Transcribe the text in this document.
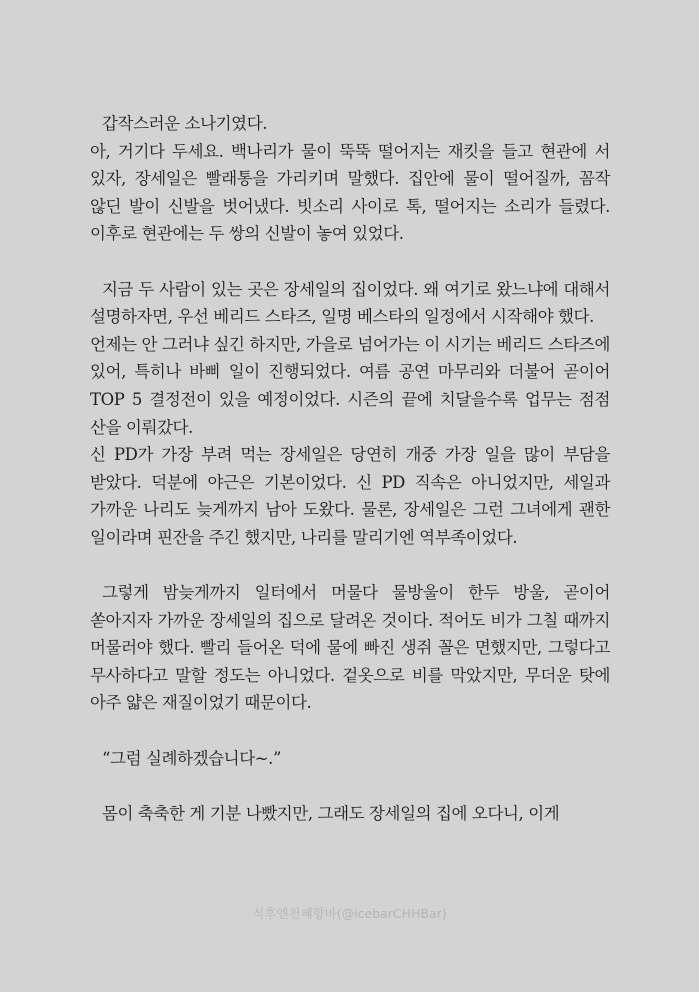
갑작스러운 소나기였다.

아, 거기다 두세요. 백나리가 물이 뚝뚝 떨어지는 재킷을 들고 현관에 서 있자, 장세일은 빨래통을 가리키며 말했다. 집안에 물이 떨어질까, 꼼작 않딘 발이 신발을 벗어냈다. 빗소리 사이로 톡, 떨어지는 소리가 들렸다. 이후로 현관에는 두 쌍의 신발이 놓여 있었다.

지금 두 사람이 있는 곳은 장세일의 집이었다. 왜 여기로 왔느냐에 대해서 설명하자면, 우선 베리드 스타즈, 일명 베스타의 일정에서 시작해야 했다.

언제는 안 그러냐 싶긴 하지만, 가을로 넘어가는 이 시기는 베리드 스타즈에 있어, 특히나 바삐 일이 진행되었다. 여름 공연 마무리와 더불어 곧이어 TOP 5 결정전이 있을 예정이었다. 시즌의 끝에 치달을수록 업무는 점점 산을 이뤄갔다.

신 PD가 가장 부려 먹는 장세일은 당연히 개중 가장 일을 많이 부담을 받았다. 덕분에 야근은 기본이었다. 신 PD 직속은 아니었지만, 세일과 가까운 나리도 늦게까지 남아 도왔다. 물론, 장세일은 그런 그녀에게 괜한 일이라며 핀잔을 주긴 했지만, 나리를 말리기엔 역부족이었다.

그렇게 밤늦게까지 일터에서 머물다 물방울이 한두 방울, 곧이어 쏟아지자 가까운 장세일의 집으로 달려온 것이다. 적어도 비가 그칠 때까지 머물러야 했다. 빨리 들어온 덕에 물에 빠진 생쥐 꼴은 면했지만, 그렇다고 무사하다고 말할 정도는 아니었다. 겉옷으로 비를 막았지만, 무더운 탓에 아주 얇은 재질이었기 때문이다.

“그럼 실례하겠습니다~.”

몸이 축축한 게 기분 나빴지만, 그래도 장세일의 집에 오다니, 이게

식후엔천혜향바(@icebarCHHBar)
